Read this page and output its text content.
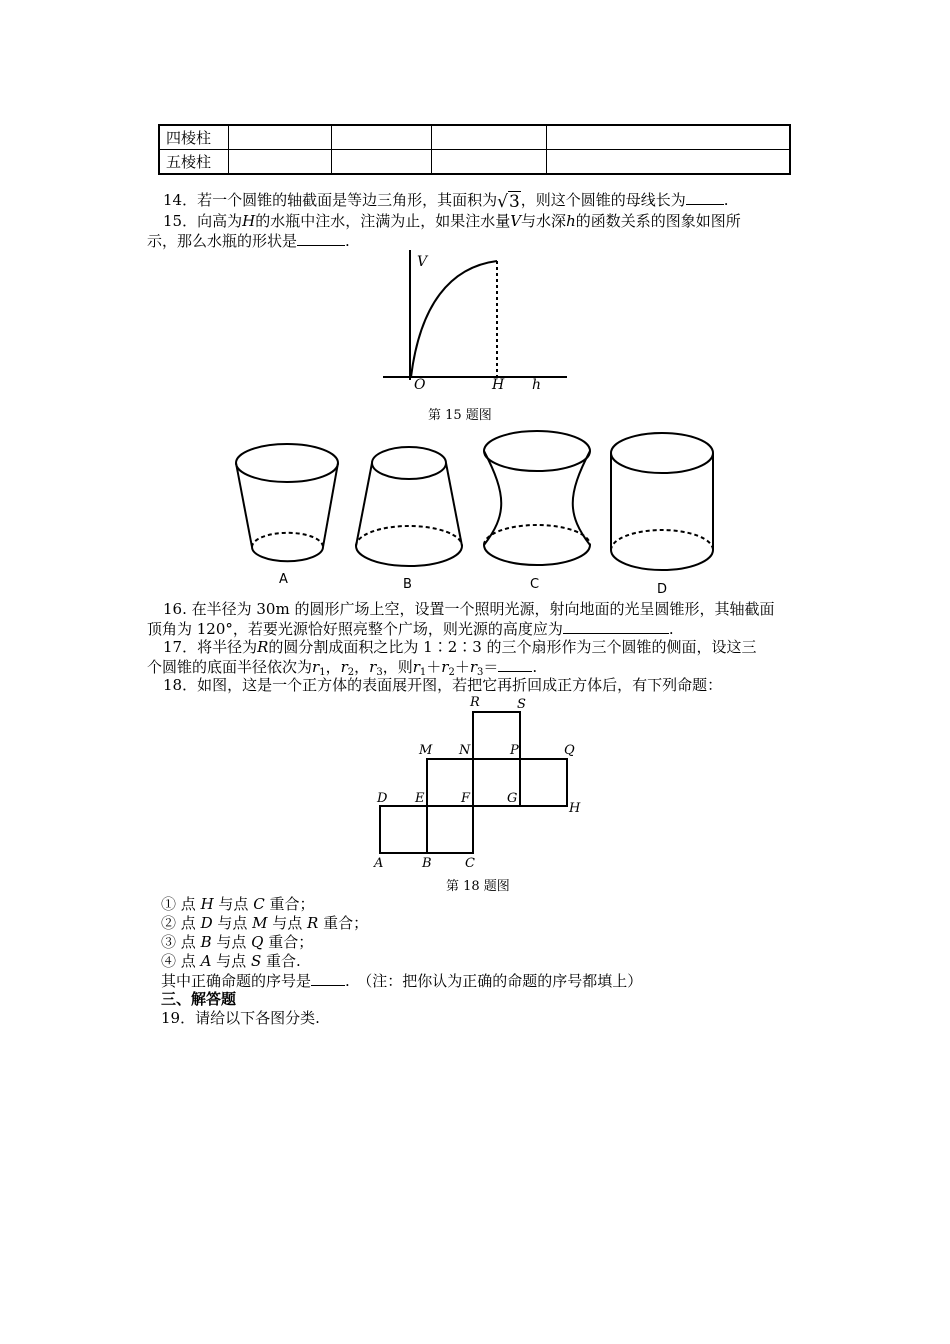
四棱柱				
五棱柱				
14．若一个圆锥的轴截面是等边三角形，其面积为√3，则这个圆锥的母线长为	.
15．向高为H的水瓶中注水，注满为止，如果注水量V与水深h的函数关系的图象如图所
示，那么水瓶的形状是	.
V
O	H h
第 15 题图
A	B	C	D
16. 在半径为 30m 的圆形广场上空，设置一个照明光源，射向地面的光呈圆锥形，其轴截面
顶角为 120°，若要光源恰好照亮整个广场，则光源的高度应为	.
17．将半径为R的圆分割成面积之比为 1∶2∶3 的三个扇形作为三个圆锥的侧面，设这三
个圆锥的底面半径依次为$r_1$，$r_2$，$r_3$，则$r_1+r_2+r_3=$ .
18．如图，这是一个正方体的表面展开图，若把它再折回成正方体后，有下列命题：
R	S
M N	P	Q
D E	F	G
H
A	B	C
第 18 题图
① 点 H 与点 C 重合；
② 点 D 与点 M 与点 R 重合；
③ 点 B 与点 Q 重合；
④ 点 A 与点 S 重合.
其中正确命题的序号是 .　（注：把你认为正确的命题的序号都填上）
三、解答题
19．请给以下各图分类.
